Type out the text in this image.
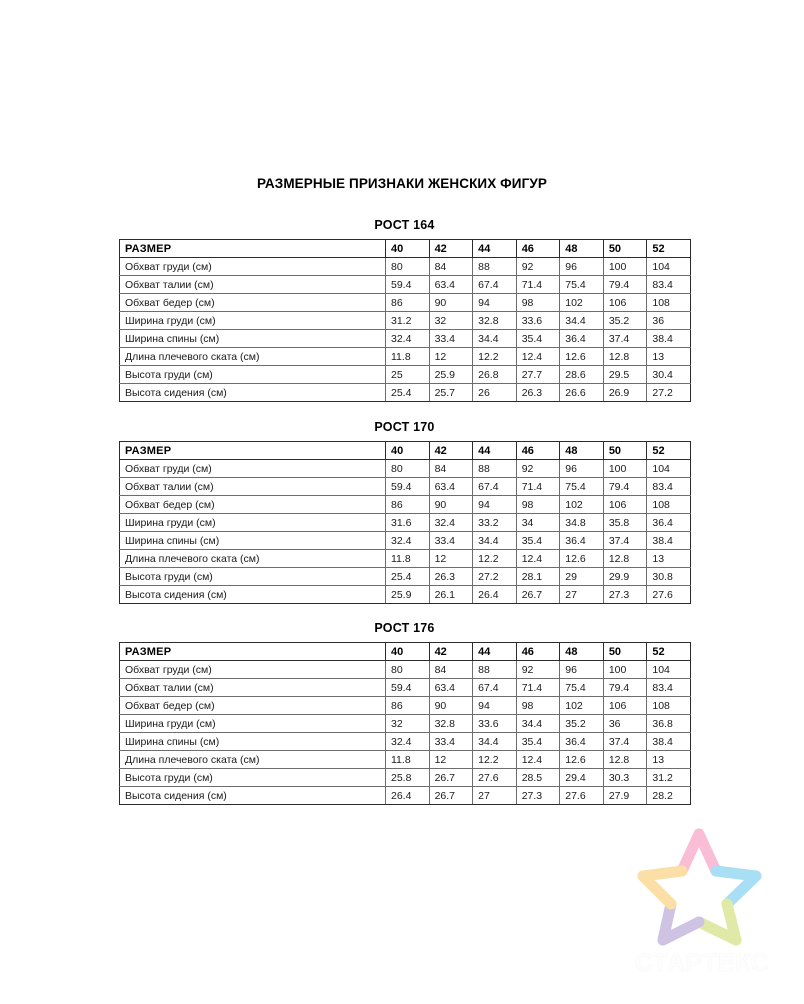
РАЗМЕРНЫЕ ПРИЗНАКИ ЖЕНСКИХ ФИГУР
РОСТ 164
РАЗМЕР	40	42	44	46	48	50	52
Обхват груди (см)	80	84	88	92	96	100	104
Обхват талии (см)	59.4	63.4	67.4	71.4	75.4	79.4	83.4
Обхват бедер (см)	86	90	94	98	102	106	108
Ширина груди (см)	31.2	32	32.8	33.6	34.4	35.2	36
Ширина спины (см)	32.4	33.4	34.4	35.4	36.4	37.4	38.4
Длина плечевого ската (см)	11.8	12	12.2	12.4	12.6	12.8	13
Высота груди (см)	25	25.9	26.8	27.7	28.6	29.5	30.4
Высота сидения (см)	25.4	25.7	26	26.3	26.6	26.9	27.2
РОСТ 170
РАЗМЕР	40	42	44	46	48	50	52
Обхват груди (см)	80	84	88	92	96	100	104
Обхват талии (см)	59.4	63.4	67.4	71.4	75.4	79.4	83.4
Обхват бедер (см)	86	90	94	98	102	106	108
Ширина груди (см)	31.6	32.4	33.2	34	34.8	35.8	36.4
Ширина спины (см)	32.4	33.4	34.4	35.4	36.4	37.4	38.4
Длина плечевого ската (см)	11.8	12	12.2	12.4	12.6	12.8	13
Высота груди (см)	25.4	26.3	27.2	28.1	29	29.9	30.8
Высота сидения (см)	25.9	26.1	26.4	26.7	27	27.3	27.6
РОСТ 176
РАЗМЕР	40	42	44	46	48	50	52
Обхват груди (см)	80	84	88	92	96	100	104
Обхват талии (см)	59.4	63.4	67.4	71.4	75.4	79.4	83.4
Обхват бедер (см)	86	90	94	98	102	106	108
Ширина груди (см)	32	32.8	33.6	34.4	35.2	36	36.8
Ширина спины (см)	32.4	33.4	34.4	35.4	36.4	37.4	38.4
Длина плечевого ската (см)	11.8	12	12.2	12.4	12.6	12.8	13
Высота груди (см)	25.8	26.7	27.6	28.5	29.4	30.3	31.2
Высота сидения (см)	26.4	26.7	27	27.3	27.6	27.9	28.2
СТАРТЕКС
